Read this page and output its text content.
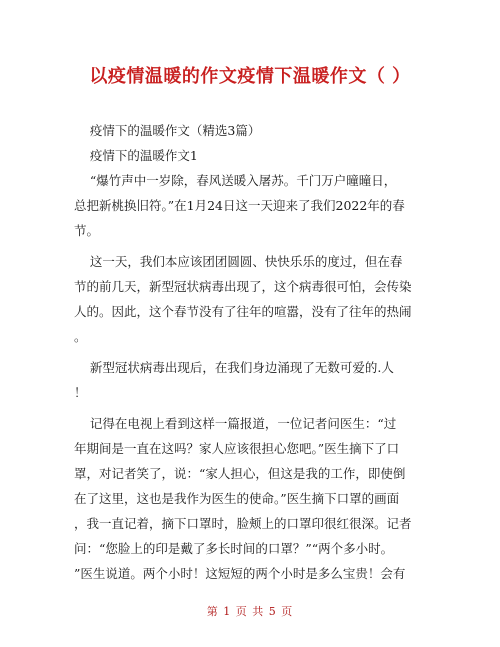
以疫情温暖的作文疫情下温暖作文（ ）
疫情下的温暖作文（精选3篇）
疫情下的温暖作文1
“爆竹声中一岁除，春风送暖入屠苏。千门万户曈曈日，
总把新桃换旧符。”在1月24日这一天迎来了我们2022年的春
节。
这一天，我们本应该团团圆圆、快快乐乐的度过，但在春
节的前几天，新型冠状病毒出现了，这个病毒很可怕，会传染
人的。因此，这个春节没有了往年的喧嚣，没有了往年的热闹
。
新型冠状病毒出现后，在我们身边涌现了无数可爱的.人
！
记得在电视上看到这样一篇报道，一位记者问医生：“过
年期间是一直在这吗？家人应该很担心您吧。”医生摘下了口
罩，对记者笑了，说：“家人担心，但这是我的工作，即使倒
在了这里，这也是我作为医生的使命。”医生摘下口罩的画面
，我一直记着，摘下口罩时，脸颊上的口罩印很红很深。记者
问：“您脸上的印是戴了多长时间的口罩？”“两个多小时。
”医生说道。两个小时！这短短的两个小时是多么宝贵！会有
第 1 页 共 5 页
